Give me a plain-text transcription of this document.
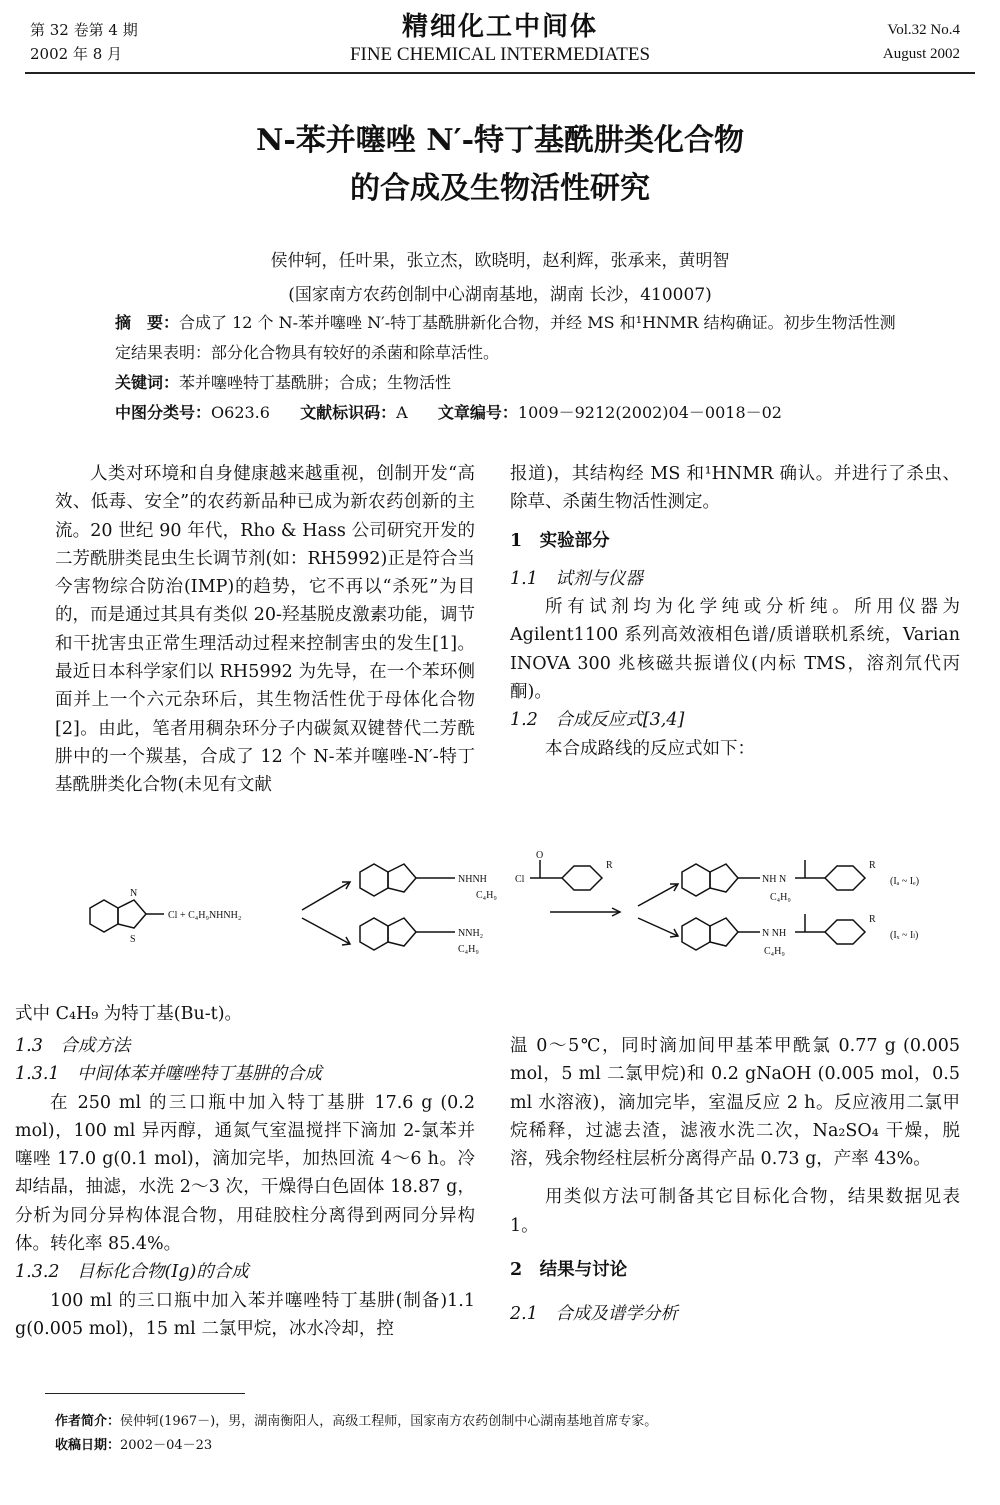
第 32 卷第 4 期
2002 年 8 月
精细化工中间体
FINE CHEMICAL INTERMEDIATES
Vol.32 No.4
August 2002
N-苯并噻唑 N′-特丁基酰肼类化合物
的合成及生物活性研究
侯仲轲，任叶果，张立杰，欧晓明，赵利辉，张承来，黄明智
(国家南方农药创制中心湖南基地，湖南 长沙，410007)
摘　要：合成了 12 个 N-苯并噻唑 N′-特丁基酰肼新化合物，并经 MS 和¹HNMR 结构确证。初步生物活性测定结果表明：部分化合物具有较好的杀菌和除草活性。
关键词：苯并噻唑特丁基酰肼；合成；生物活性
中图分类号：O623.6 文献标识码：A 文章编号：1009－9212(2002)04－0018－02

人类对环境和自身健康越来越重视，创制开发“高效、低毒、安全”的农药新品种已成为新农药创新的主流。20 世纪 90 年代，Rho & Hass 公司研究开发的二芳酰肼类昆虫生长调节剂(如：RH5992)正是符合当今害物综合防治(IMP)的趋势，它不再以“杀死”为目的，而是通过其具有类似 20-羟基脱皮激素功能，调节和干扰害虫正常生理活动过程来控制害虫的发生[1]。最近日本科学家们以 RH5992 为先导，在一个苯环侧面并上一个六元杂环后，其生物活性优于母体化合物[2]。由此，笔者用稠杂环分子内碳氮双键替代二芳酰肼中的一个羰基，合成了 12 个 N-苯并噻唑-N′-特丁基酰肼类化合物(未见有文献

报道)，其结构经 MS 和¹HNMR 确认。并进行了杀虫、除草、杀菌生物活性测定。

1　实验部分

1.1　试剂与仪器

所有试剂均为化学纯或分析纯。所用仪器为 Agilent1100 系列高效液相色谱/质谱联机系统，Varian INOVA 300 兆核磁共振谱仪(内标 TMS，溶剂氘代丙酮)。

1.2　合成反应式[3,4]

本合成路线的反应式如下：

N
S
Cl + C₄H₉NHNH₂
NHNH
C₄H₉
NNH₂
C₄H₉
Cl
O
R
NH N
C₄H₉
R
(Iₐ ~ Iₑ)
N NH
C₄H₉
R
(Iₓ ~ Iₗ)
式中 C₄H₉ 为特丁基(Bu-t)。

1.3　合成方法

1.3.1　中间体苯并噻唑特丁基肼的合成

在 250 ml 的三口瓶中加入特丁基肼 17.6 g (0.2 mol)，100 ml 异丙醇，通氮气室温搅拌下滴加 2-氯苯并噻唑 17.0 g(0.1 mol)，滴加完毕，加热回流 4～6 h。冷却结晶，抽滤，水洗 2～3 次，干燥得白色固体 18.87 g，分析为同分异构体混合物，用硅胶柱分离得到两同分异构体。转化率 85.4%。

1.3.2　目标化合物(Ig)的合成

100 ml 的三口瓶中加入苯并噻唑特丁基肼(制备)1.1 g(0.005 mol)，15 ml 二氯甲烷，冰水冷却，控

温 0～5℃，同时滴加间甲基苯甲酰氯 0.77 g (0.005 mol，5 ml 二氯甲烷)和 0.2 gNaOH (0.005 mol，0.5 ml 水溶液)，滴加完毕，室温反应 2 h。反应液用二氯甲烷稀释，过滤去渣，滤液水洗二次，Na₂SO₄ 干燥，脱溶，残余物经柱层析分离得产品 0.73 g，产率 43%。

用类似方法可制备其它目标化合物，结果数据见表 1。

2　结果与讨论

2.1　合成及谱学分析

作者简介：侯仲轲(1967－)，男，湖南衡阳人，高级工程师，国家南方农药创制中心湖南基地首席专家。
收稿日期：2002－04－23
